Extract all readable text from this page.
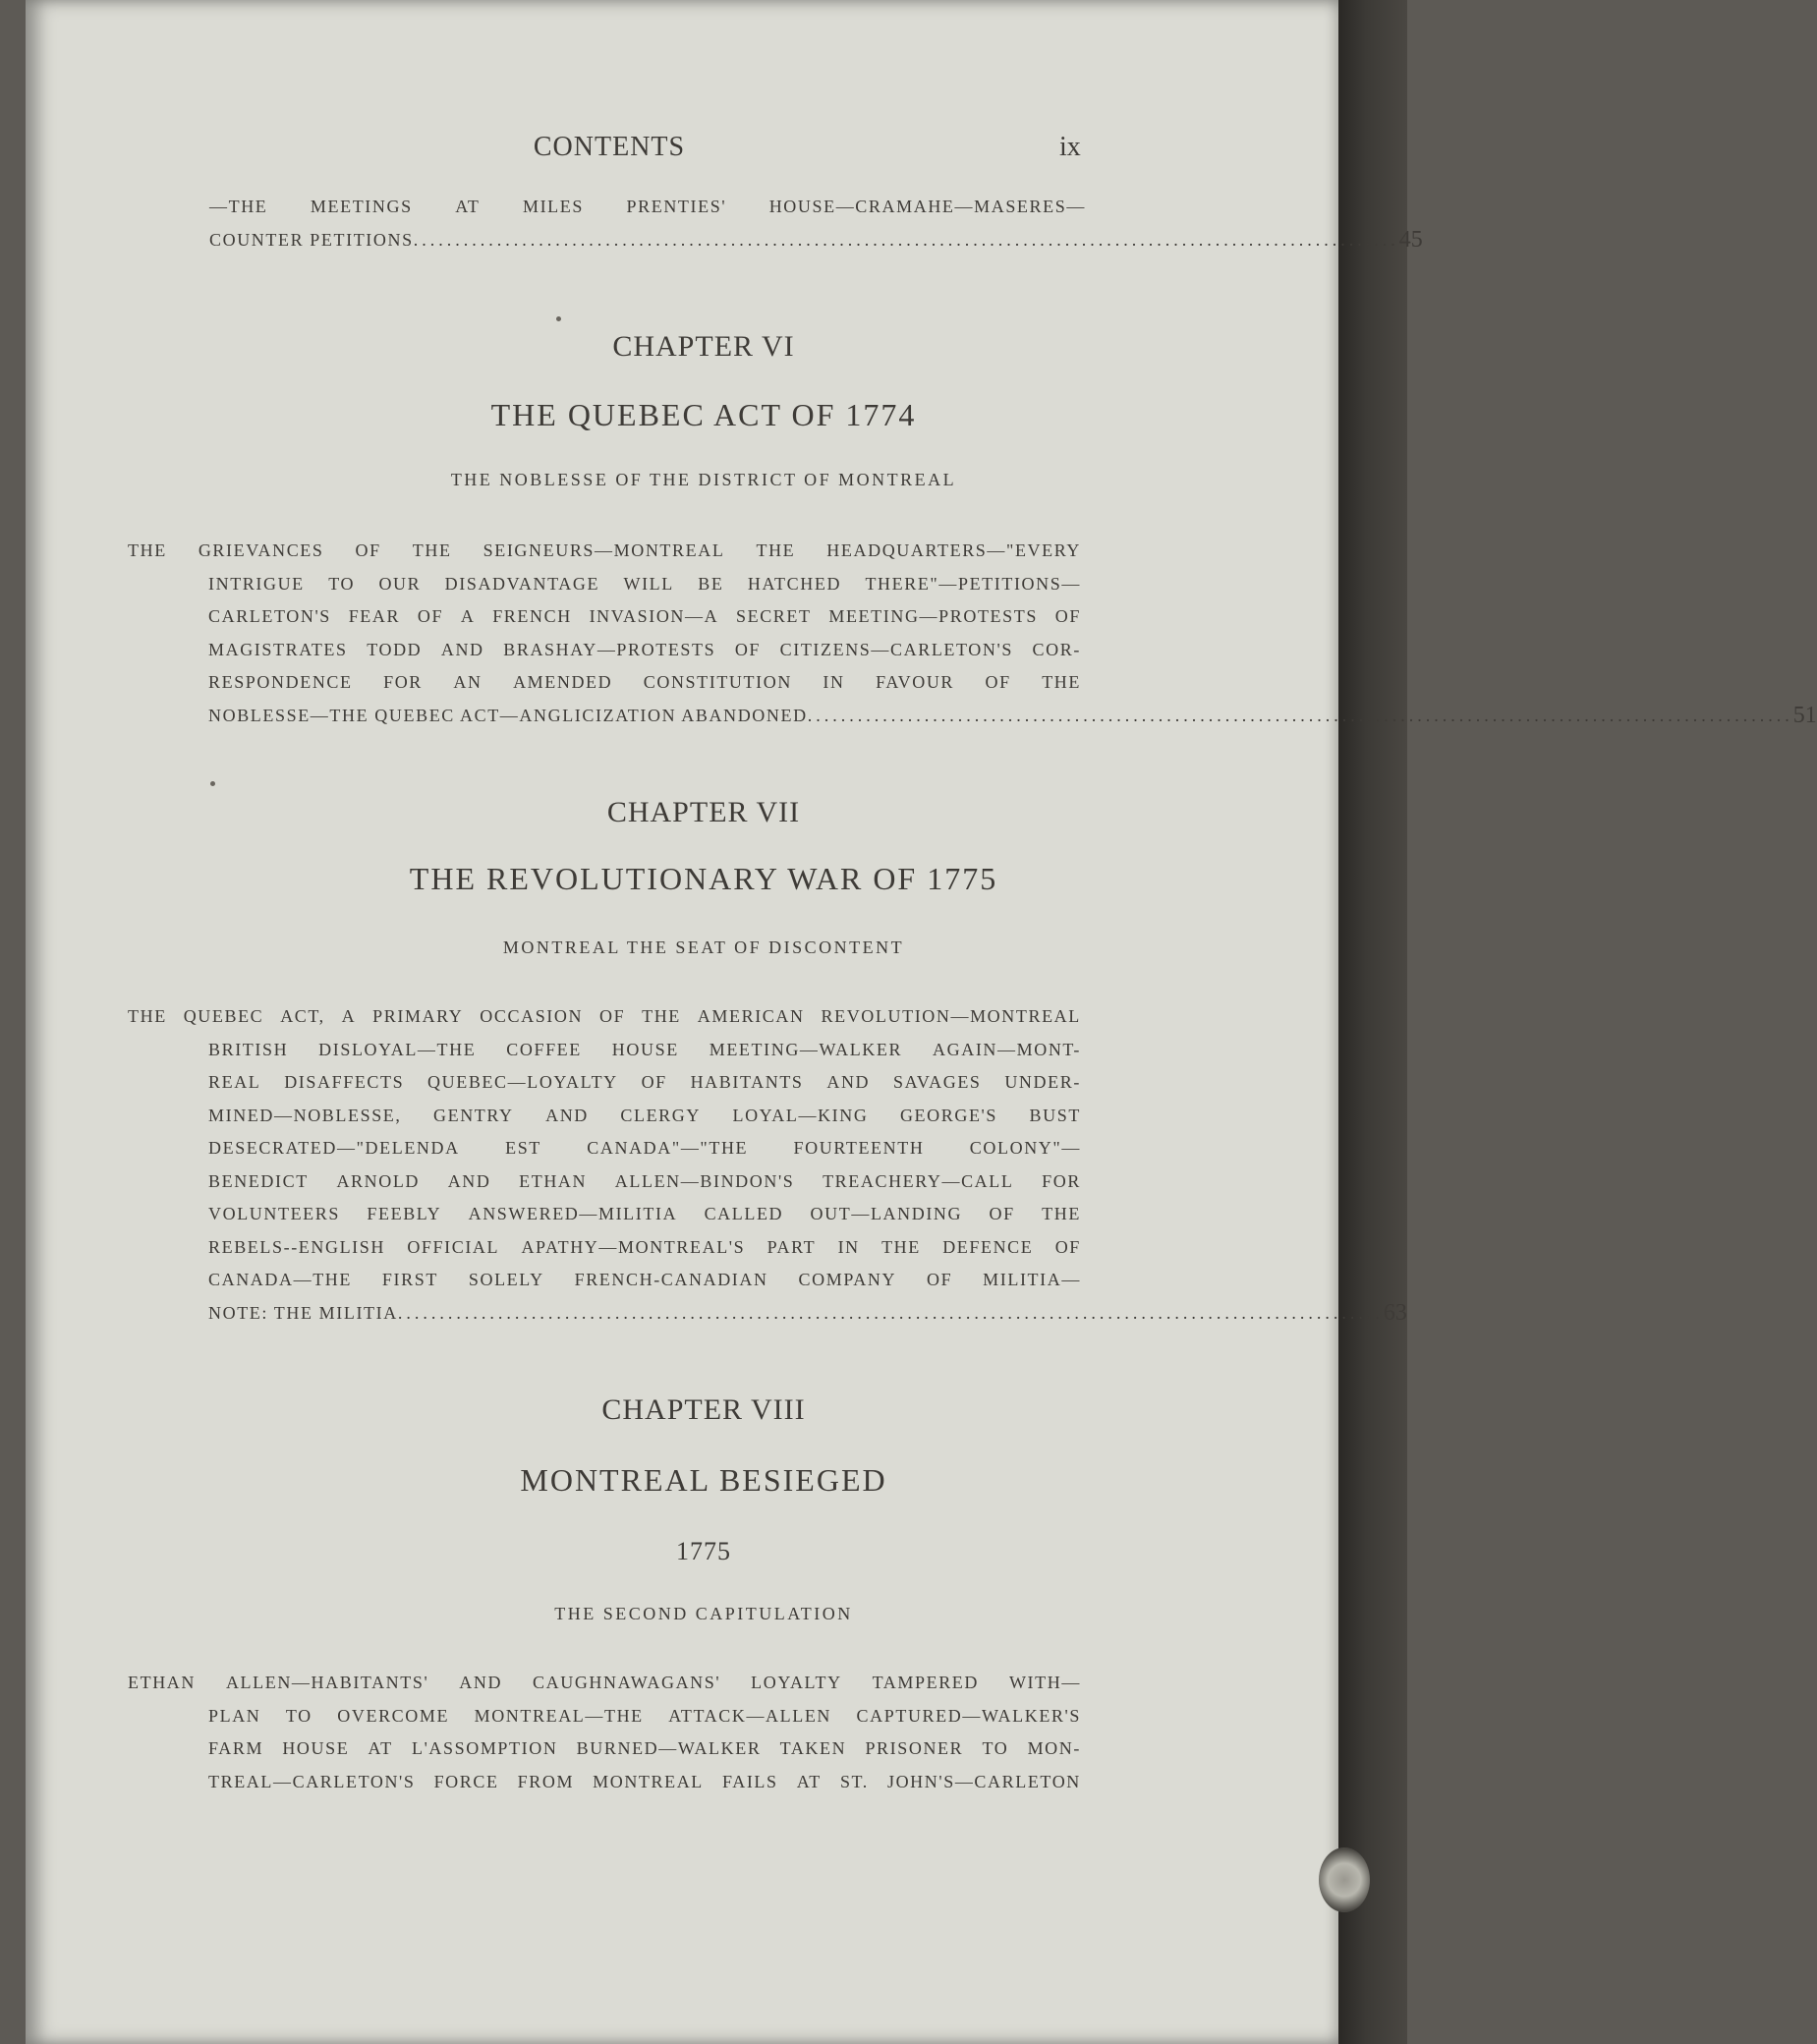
CONTENTS	ix
—THE MEETINGS AT MILES PRENTIES' HOUSE—CRAMAHE—MASERES—
COUNTER PETITIONS ...................................................................................................................... 45
CHAPTER VI
THE QUEBEC ACT OF 1774
THE NOBLESSE OF THE DISTRICT OF MONTREAL
THE GRIEVANCES OF THE SEIGNEURS—MONTREAL THE HEADQUARTERS—"EVERY
INTRIGUE TO OUR DISADVANTAGE WILL BE HATCHED THERE"—PETITIONS—
CARLETON'S FEAR OF A FRENCH INVASION—A SECRET MEETING—PROTESTS OF
MAGISTRATES TODD AND BRASHAY—PROTESTS OF CITIZENS—CARLETON'S COR-
RESPONDENCE FOR AN AMENDED CONSTITUTION IN FAVOUR OF THE
NOBLESSE—THE QUEBEC ACT—ANGLICIZATION ABANDONED ...................................................................................................................... 51
CHAPTER VII
THE REVOLUTIONARY WAR OF 1775
MONTREAL THE SEAT OF DISCONTENT
THE QUEBEC ACT, A PRIMARY OCCASION OF THE AMERICAN REVOLUTION—MONTREAL
BRITISH DISLOYAL—THE COFFEE HOUSE MEETING—WALKER AGAIN—MONT-
REAL DISAFFECTS QUEBEC—LOYALTY OF HABITANTS AND SAVAGES UNDER-
MINED—NOBLESSE, GENTRY AND CLERGY LOYAL—KING GEORGE'S BUST
DESECRATED—"DELENDA	EST	CANADA"—"THE	FOURTEENTH	COLONY"—
BENEDICT ARNOLD AND ETHAN ALLEN—BINDON'S TREACHERY—CALL FOR
VOLUNTEERS FEEBLY ANSWERED—MILITIA CALLED OUT—LANDING OF THE
REBELS--ENGLISH OFFICIAL APATHY—MONTREAL'S PART IN THE DEFENCE OF
CANADA—THE FIRST SOLELY FRENCH-CANADIAN COMPANY OF MILITIA—
NOTE: THE MILITIA ...................................................................................................................... 63
CHAPTER VIII
MONTREAL BESIEGED
1775
THE SECOND CAPITULATION
ETHAN ALLEN—HABITANTS' AND CAUGHNAWAGANS' LOYALTY TAMPERED WITH—
PLAN TO OVERCOME MONTREAL—THE ATTACK—ALLEN CAPTURED—WALKER'S
FARM HOUSE AT L'ASSOMPTION BURNED—WALKER TAKEN PRISONER TO MON-
TREAL—CARLETON'S FORCE FROM MONTREAL FAILS AT ST. JOHN'S—CARLETON
